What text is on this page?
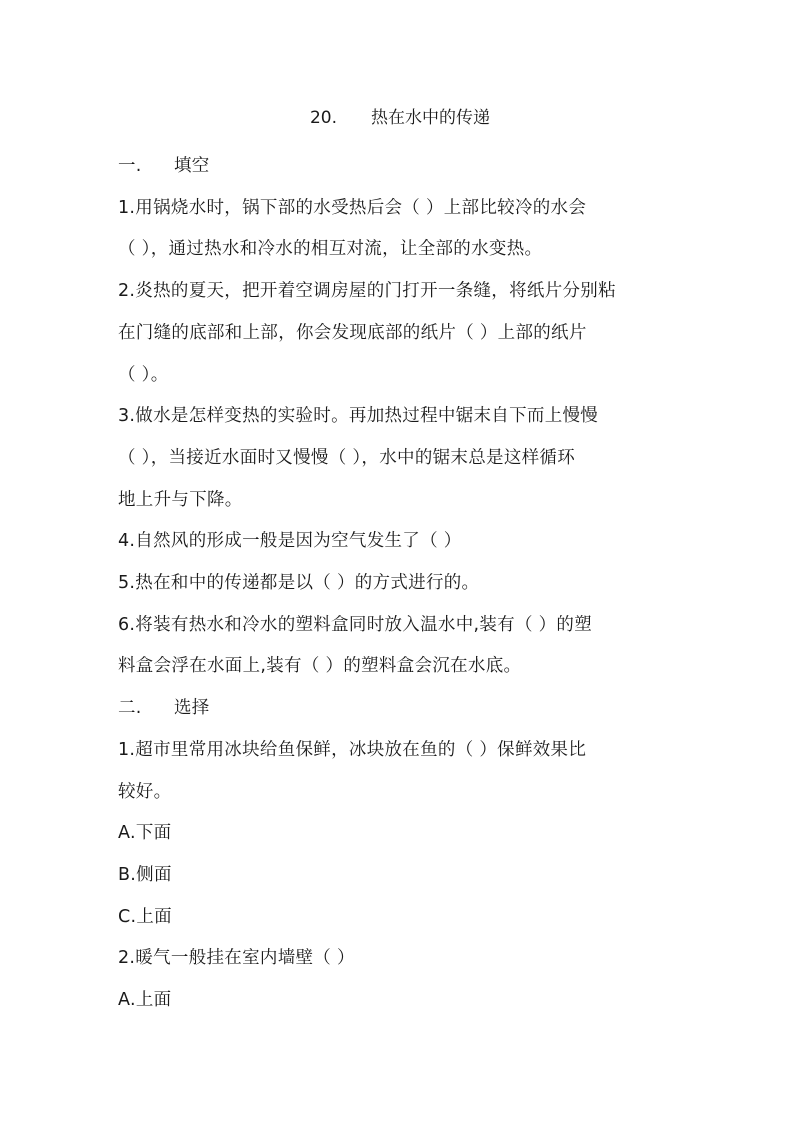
20. 热在水中的传递
一. 填空
1.用锅烧水时，锅下部的水受热后会（ ）上部比较冷的水会
（ ），通过热水和冷水的相互对流，让全部的水变热。
2.炎热的夏天，把开着空调房屋的门打开一条缝，将纸片分别粘
在门缝的底部和上部，你会发现底部的纸片（ ）上部的纸片
（ ）。
3.做水是怎样变热的实验时。再加热过程中锯末自下而上慢慢
（ ），当接近水面时又慢慢（ ），水中的锯末总是这样循环
地上升与下降。
4.自然风的形成一般是因为空气发生了（ ）
5.热在和中的传递都是以（ ）的方式进行的。
6.将装有热水和冷水的塑料盒同时放入温水中,装有（ ）的塑
料盒会浮在水面上,装有（ ）的塑料盒会沉在水底。
二. 选择
1.超市里常用冰块给鱼保鲜，冰块放在鱼的（ ）保鲜效果比
较好。
A.下面
B.侧面
C.上面
2.暖气一般挂在室内墙壁（ ）
A.上面
